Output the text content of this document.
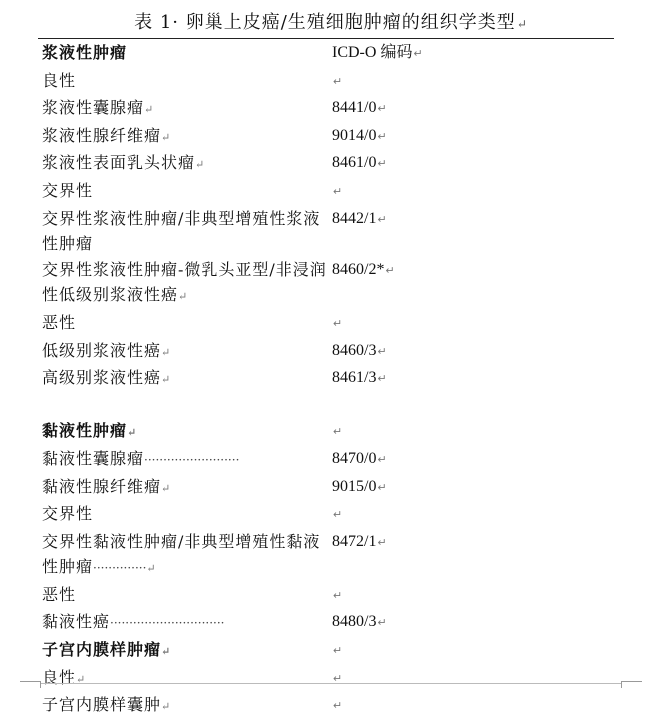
表 1· 卵巢上皮癌/生殖细胞肿瘤的组织学类型↵
浆液性肿瘤	ICD-O 编码↵
良性	↵
浆液性囊腺瘤↵	8441/0↵
浆液性腺纤维瘤↵	9014/0↵
浆液性表面乳头状瘤↵	8461/0↵
交界性	↵
交界性浆液性肿瘤/非典型增殖性浆液性肿瘤
8442/1↵
交界性浆液性肿瘤-微乳头亚型/非浸润性低级别浆液性癌↵
8460/2*↵
恶性	↵
低级别浆液性癌↵	8460/3↵
高级别浆液性癌↵	8461/3↵
黏液性肿瘤↵	↵
黏液性囊腺瘤·························	8470/0↵
黏液性腺纤维瘤↵	9015/0↵
交界性	↵
交界性黏液性肿瘤/非典型增殖性黏液性肿瘤··············↵
8472/1↵
恶性	↵
黏液性癌······························	8480/3↵
子宫内膜样肿瘤↵	↵
良性↵	↵
子宫内膜样囊肿↵	↵
